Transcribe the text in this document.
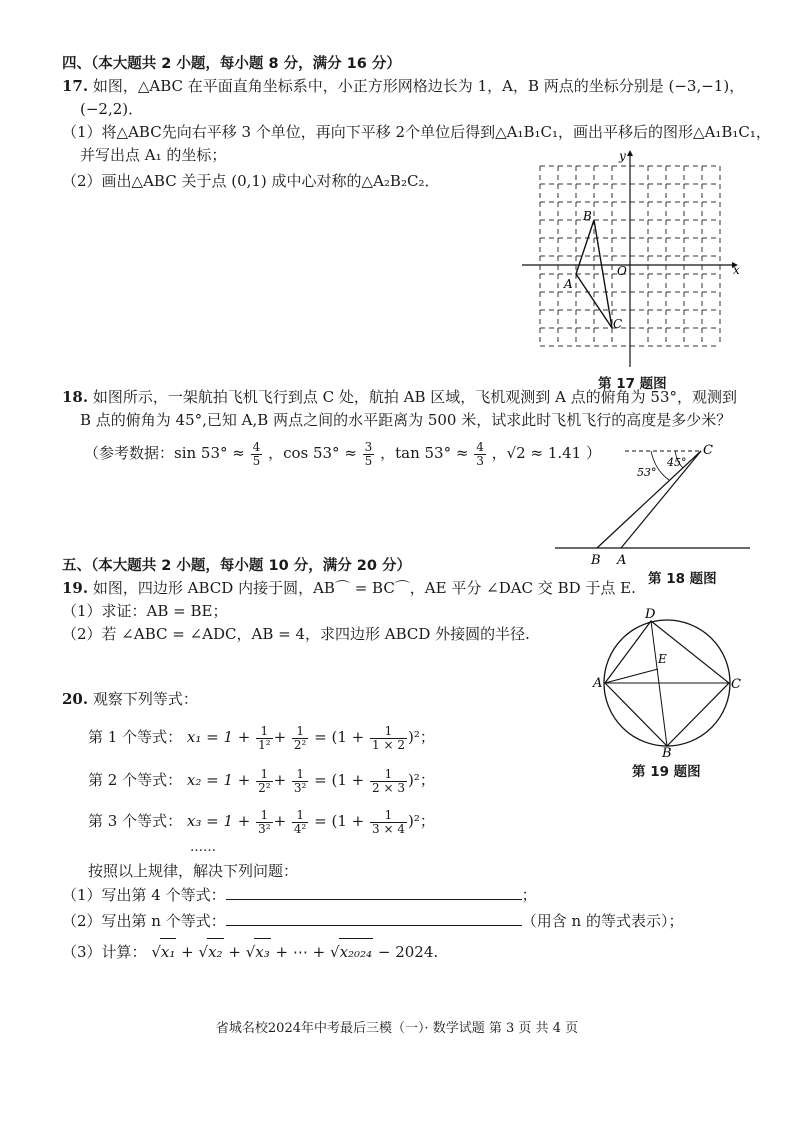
四、（本大题共 2 小题，每小题 8 分，满分 16 分）
17. 如图，△ABC 在平面直角坐标系中，小正方形网格边长为 1，A，B 两点的坐标分别是 (−3,−1)，
(−2,2)．
（1）将△ABC先向右平移 3 个单位，再向下平移 2个单位后得到△A₁B₁C₁，画出平移后的图形△A₁B₁C₁，
并写出点 A₁ 的坐标；
（2）画出△ABC 关于点 (0,1) 成中心对称的△A₂B₂C₂．
x
y
O
A
B
C
第 17 题图
18. 如图所示，一架航拍飞机飞行到点 C 处，航拍 AB 区域，飞机观测到 A 点的俯角为 53°，观测到
B 点的俯角为 45°,已知 A,B 两点之间的水平距离为 500 米，试求此时飞机飞行的高度是多少米？
（参考数据：$\sin 53^\circ \approx \frac{4}{5}$ ，$\cos 53^\circ \approx \frac{3}{5}$ ，$\tan 53^\circ \approx \frac{4}{3}$ ，√2 ≈ 1.41 ）	C
53°
45°
B A
第 18 题图
五、（本大题共 2 小题，每小题 10 分，满分 20 分）
19. 如图，四边形 ABCD 内接于圆，AB⌒ = BC⌒，AE 平分 ∠DAC 交 BD 于点 E.
（1）求证：AB = BE；
（2）若 ∠ABC = ∠ADC，AB = 4，求四边形 ABCD 外接圆的半径.
A
B
C
D
E
第 19 题图
20. 观察下列等式：
第 1 个等式： $x_1 = 1 + \frac{1}{\text{1²}} + \frac{1}{\text{2²}} = (1 + \frac{1}{1 \times 2} )^2$；
第 2 个等式： $x_2 = 1 + \frac{1}{\text{2²}} + \frac{1}{\text{3²}} = (1 + \frac{1}{2 \times 3} )^2$；
第 3 个等式： $x_3 = 1 + \frac{1}{\text{3²}} + \frac{1}{\text{4²}} = (1 + \frac{1}{3 \times 4} )^2$；
……
按照以上规律，解决下列问题：
（1）写出第 4 个等式：	；
（2）写出第 n 个等式：	（用含 n 的等式表示）；
（3）计算： √x₁ + √x₂ + √x₃ + ⋯ + √x₂₀₂₄ − 2024.
省城名校2024年中考最后三模（一）· 数学试题 第 3 页 共 4 页
